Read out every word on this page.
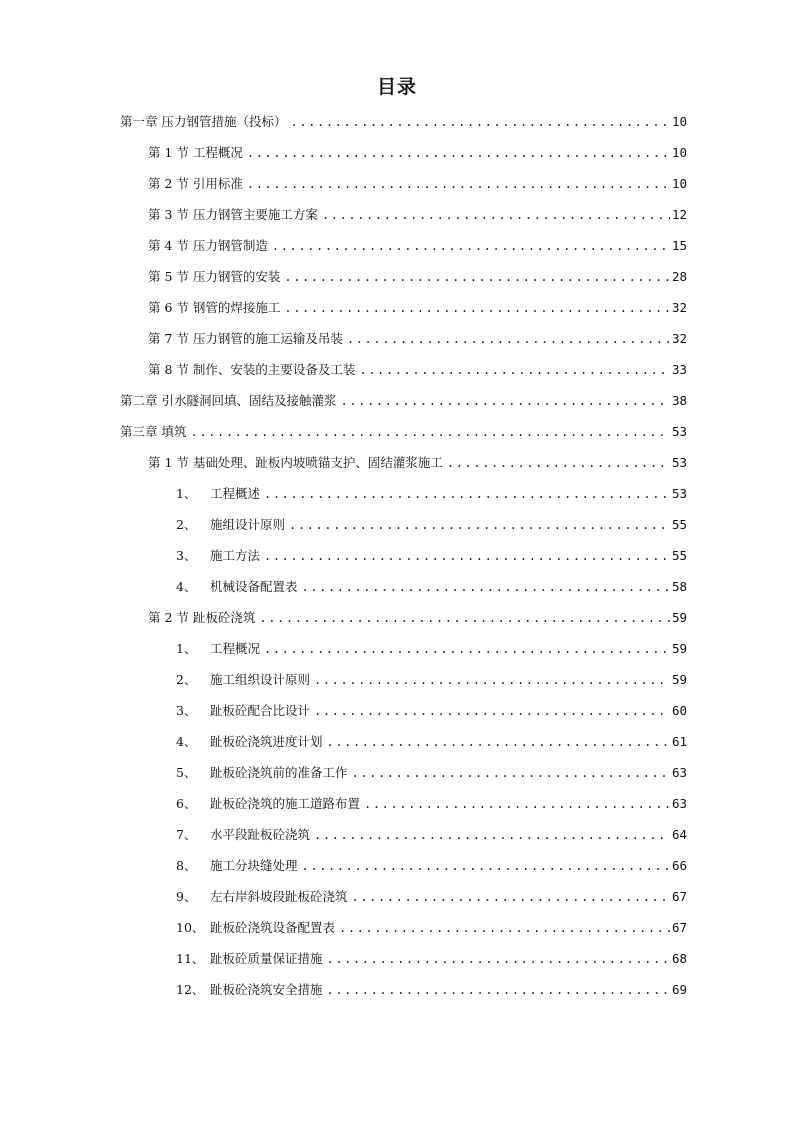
目录
第一章 压力钢管措施（投标） .....	10
第 1 节 工程概况 .....	10
第 2 节 引用标准 .....	10
第 3 节 压力钢管主要施工方案 .....	12
第 4 节 压力钢管制造 .....	15
第 5 节 压力钢管的安装 .....	28
第 6 节 钢管的焊接施工 .....	32
第 7 节 压力钢管的施工运输及吊装 .....	32
第 8 节 制作、安装的主要设备及工装 .....	33
第二章 引水隧洞回填、固结及接触灌浆 .....	38
第三章 填筑 .....	53
第 1 节 基础处理、趾板内坡喷锚支护、固结灌浆施工 .....	53
1、 工程概述 .....	53
2、 施组设计原则 .....	55
3、 施工方法 .....	55
4、 机械设备配置表 .....	58
第 2 节 趾板砼浇筑 .....	59
1、 工程概况 .....	59
2、 施工组织设计原则 .....	59
3、 趾板砼配合比设计 .....	60
4、 趾板砼浇筑进度计划 .....	61
5、 趾板砼浇筑前的准备工作 .....	63
6、 趾板砼浇筑的施工道路布置 .....	63
7、 水平段趾板砼浇筑 .....	64
8、 施工分块缝处理 .....	66
9、 左右岸斜坡段趾板砼浇筑 .....	67
10、 趾板砼浇筑设备配置表 .....	67
11、 趾板砼质量保证措施 .....	68
12、 趾板砼浇筑安全措施 .....	69
